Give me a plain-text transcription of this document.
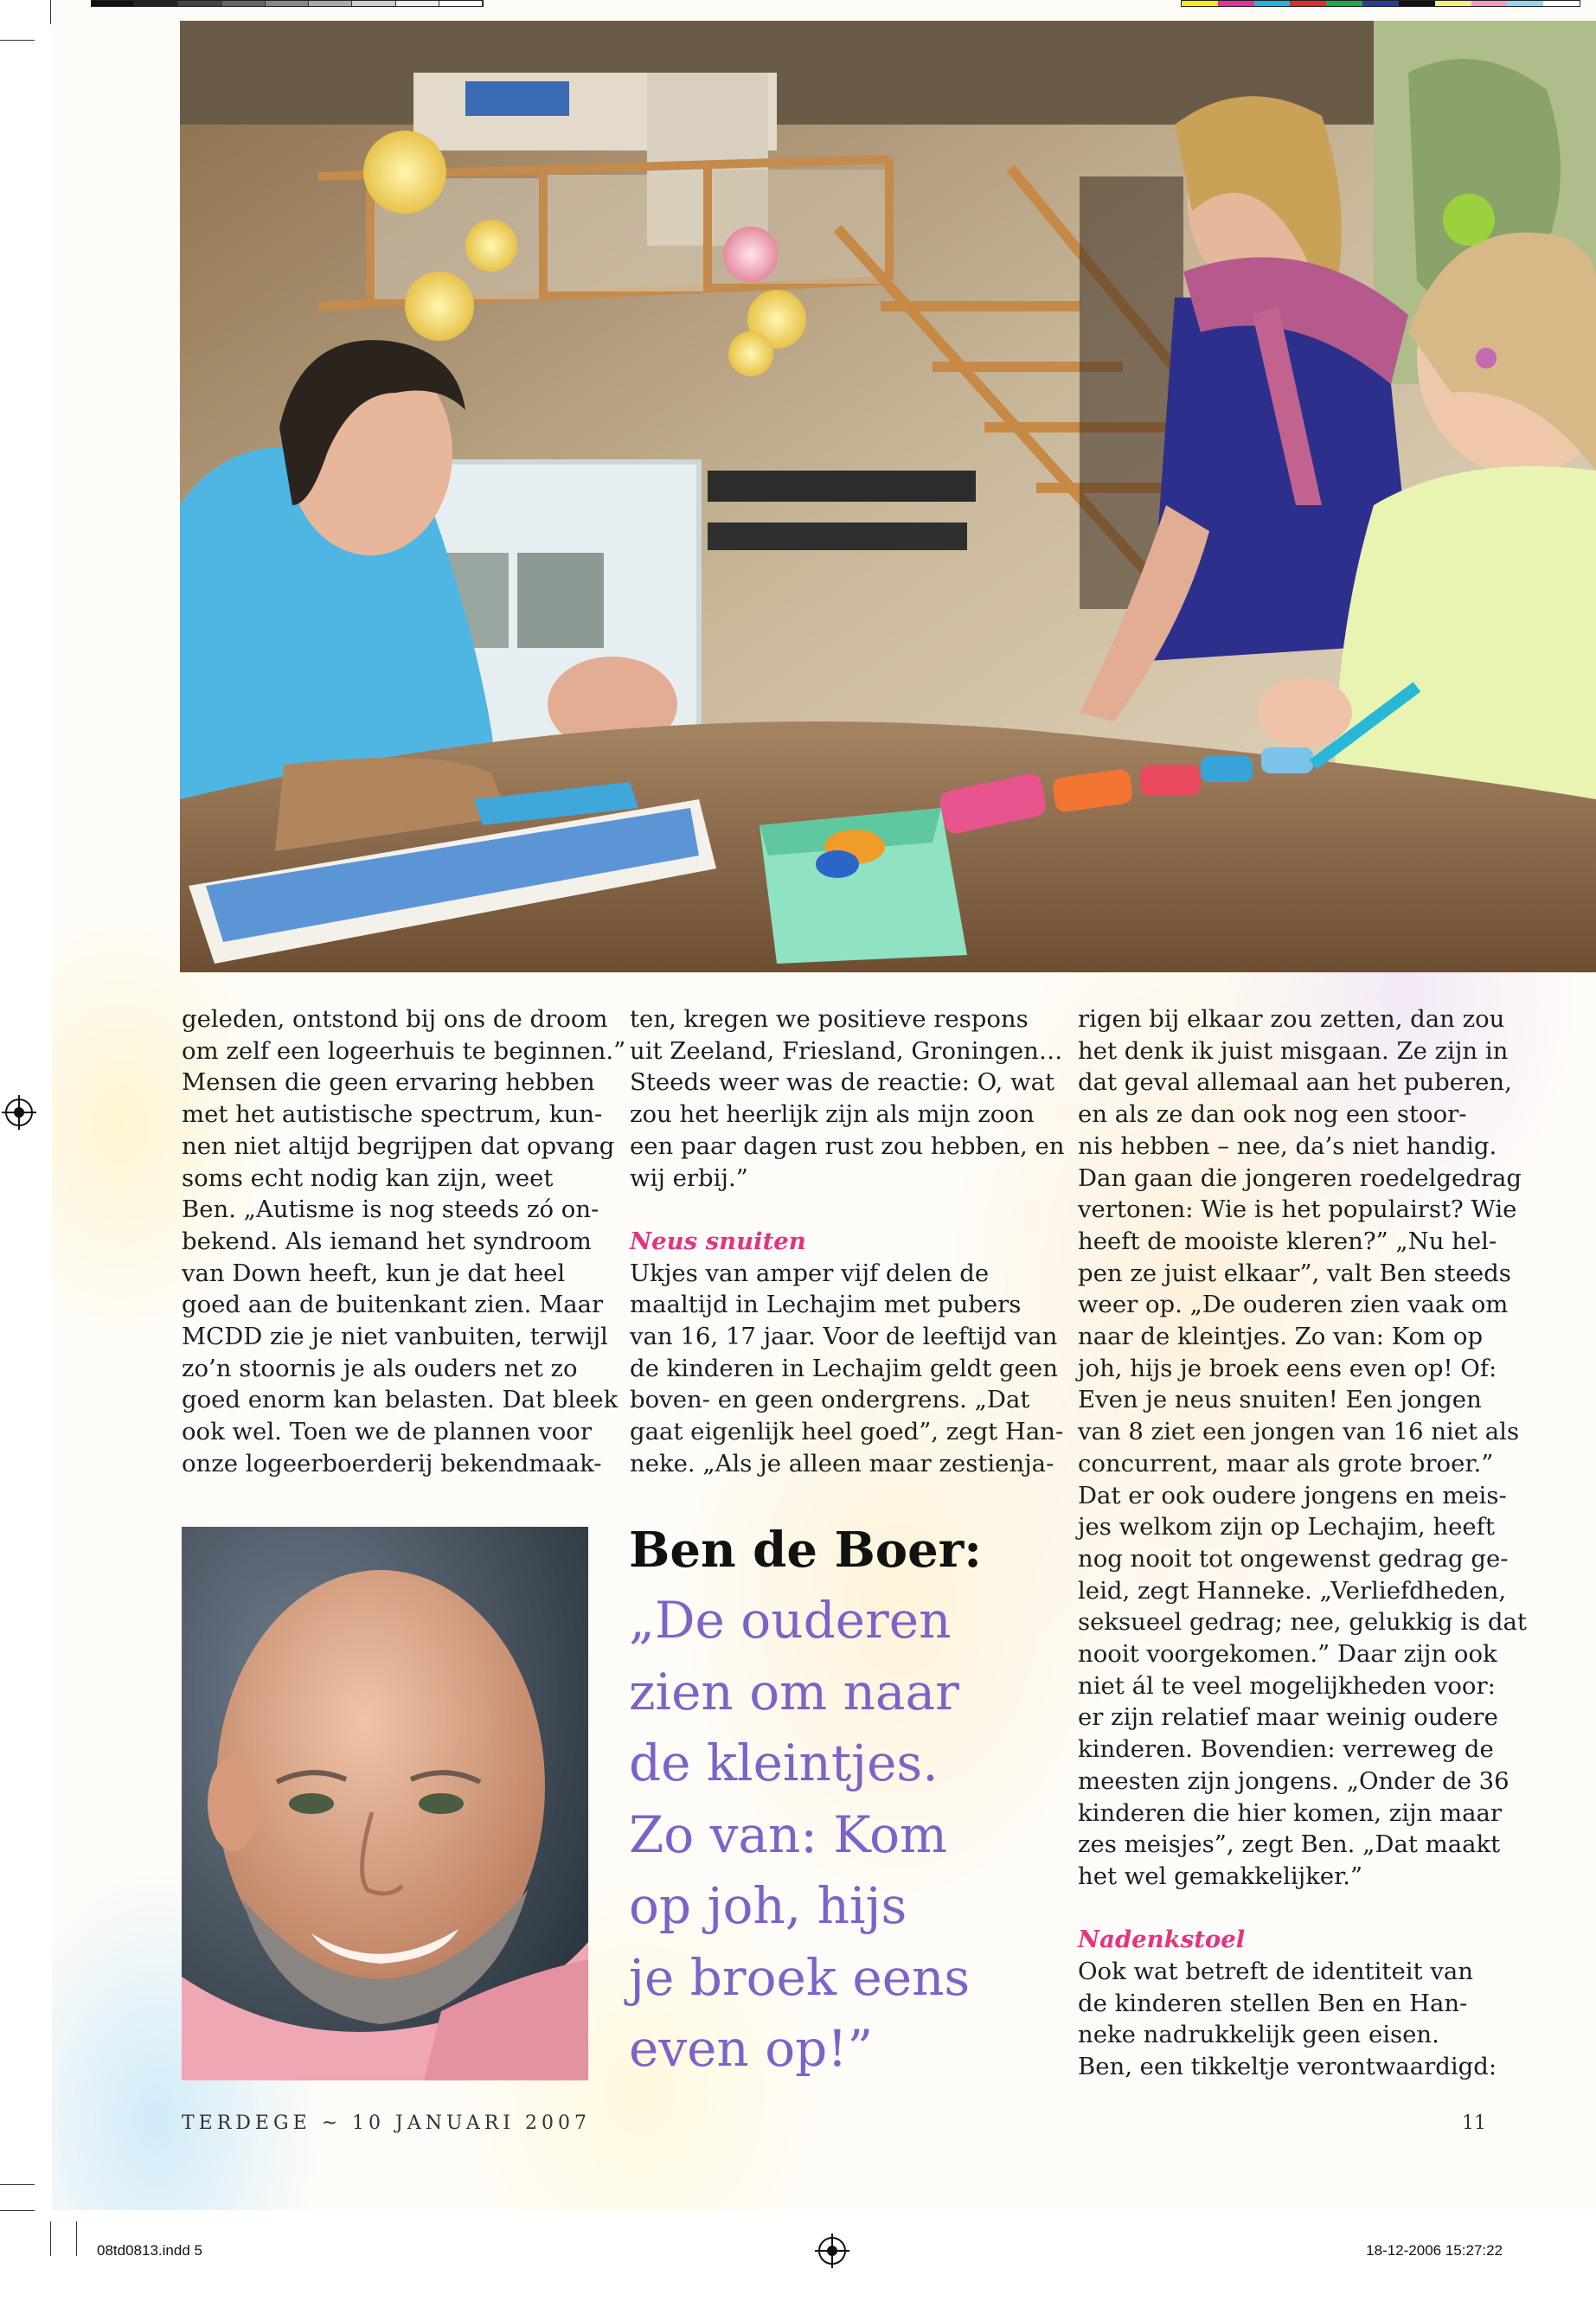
geleden, ontstond bij ons de droom
om zelf een logeerhuis te beginnen.”
Mensen die geen ervaring hebben
met het autistische spectrum, kun-
nen niet altijd begrijpen dat opvang
soms echt nodig kan zijn, weet
Ben. „Autisme is nog steeds zó on-
bekend. Als iemand het syndroom
van Down heeft, kun je dat heel
goed aan de buitenkant zien. Maar
MCDD zie je niet vanbuiten, terwijl
zo’n stoornis je als ouders net zo
goed enorm kan belasten. Dat bleek
ook wel. Toen we de plannen voor
onze logeerboerderij bekendmaak-
ten, kregen we positieve respons
uit Zeeland, Friesland, Groningen…
Steeds weer was de reactie: O, wat
zou het heerlijk zijn als mijn zoon
een paar dagen rust zou hebben, en
wij erbij.”
Neus snuiten
Ukjes van amper vijf delen de
maaltijd in Lechajim met pubers
van 16, 17 jaar. Voor de leeftijd van
de kinderen in Lechajim geldt geen
boven- en geen ondergrens. „Dat
gaat eigenlijk heel goed”, zegt Han-
neke. „Als je alleen maar zestienja-
Ben de Boer:
„De ouderen
zien om naar
de kleintjes.
Zo van: Kom
op joh, hijs
je broek eens
even op!”
rigen bij elkaar zou zetten, dan zou
het denk ik juist misgaan. Ze zijn in
dat geval allemaal aan het puberen,
en als ze dan ook nog een stoor-
nis hebben – nee, da’s niet handig.
Dan gaan die jongeren roedelgedrag
vertonen: Wie is het populairst? Wie
heeft de mooiste kleren?” „Nu hel-
pen ze juist elkaar”, valt Ben steeds
weer op. „De ouderen zien vaak om
naar de kleintjes. Zo van: Kom op
joh, hijs je broek eens even op! Of:
Even je neus snuiten! Een jongen
van 8 ziet een jongen van 16 niet als
concurrent, maar als grote broer.”
Dat er ook oudere jongens en meis-
jes welkom zijn op Lechajim, heeft
nog nooit tot ongewenst gedrag ge-
leid, zegt Hanneke. „Verliefdheden,
seksueel gedrag; nee, gelukkig is dat
nooit voorgekomen.” Daar zijn ook
niet ál te veel mogelijkheden voor:
er zijn relatief maar weinig oudere
kinderen. Bovendien: verreweg de
meesten zijn jongens. „Onder de 36
kinderen die hier komen, zijn maar
zes meisjes”, zegt Ben. „Dat maakt
het wel gemakkelijker.”
Nadenkstoel
Ook wat betreft de identiteit van
de kinderen stellen Ben en Han-
neke nadrukkelijk geen eisen.
Ben, een tikkeltje verontwaardigd:
TERDEGE ~ 10 JANUARI 2007	11
08td0813.indd 5	18-12-2006 15:27:22
